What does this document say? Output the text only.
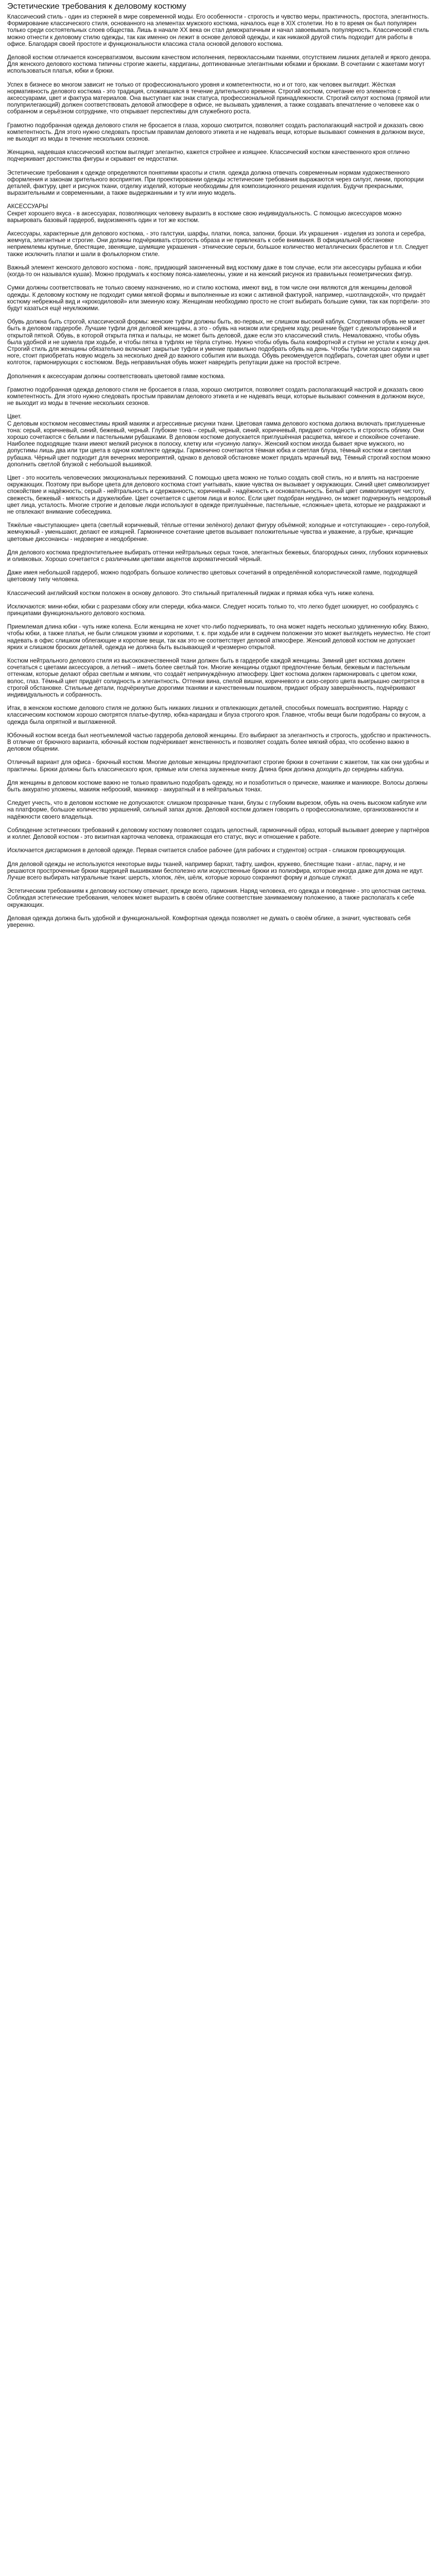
Эстетические требования к деловому костюму
Классический стиль - один из стержней в мире современной моды. Его особенности - строгость и чувство меры, практичность, простота, элегантность. Формирование классического стиля, основанного на элементах мужского костюма, началось еще в XIX столетии. Но в то время он был популярен только среди состоятельных слоев общества. Лишь в начале XX века он стал демократичным и начал завоевывать популярность. Классический стиль можно отнести к деловому стилю одежды, так как именно он лежит в основе деловой одежды, и как никакой другой стиль подходит для работы в офисе. Благодаря своей простоте и функциональности классика стала основой делового костюма.
Деловой костюм отличается консерватизмом, высоким качеством исполнения, первоклассными тканями, отсутствием лишних деталей и яркого декора. Для женского делового костюма типичны строгие жакеты, кардиганы, доптинованные элегантными юбками и брюками. В сочетании с жакетами могут использоваться платья, юбки и брюки.
Успех в бизнесе во многом зависит не только от профессионального уровня и компетентности, но и от того, как человек выглядит. Жёсткая нормативность делового костюма - это традиция, сложившаяся в течение длительного времени. Строгий костюм, сочетание его элементов с аксессуарами, цвет и фактура материалов. Она выступает как знак статуса, профессиональной принадлежности. Строгий силуэт костюма (прямой или полуприлегающий) должен соответствовать деловой атмосфере в офисе, не вызывать удивления, а также создавать впечатление о человеке как о собранном и серьёзном сотруднике, что открывает перспективы для служебного роста.
Грамотно подобранная одежда делового стиля не бросается в глаза, хорошо смотрится, позволяет создать располагающий настрой и доказать свою компетентность. Для этого нужно следовать простым правилам делового этикета и не надевать вещи, которые вызывают сомнения в должном вкусе, не выходит из моды в течение нескольких сезонов.
Женщина, надевшая классический костюм выглядит элегантно, кажется стройнее и изящнее. Классический костюм качественного кроя отлично подчеркивает достоинства фигуры и скрывает ее недостатки.
Эстетические требования к одежде определяются понятиями красоты и стиля. одежда должна отвечать современным нормам художественного оформления и законам зрительного восприятия. При проектировании одежды эстетические требования выражаются через силуэт, линии, пропорции деталей, фактуру, цвет и рисунок ткани, отделку изделий, которые необходимы для композиционного решения изделия. Будучи прекрасными, выразительными и современными, а также выдержанными и ту или иную модель.
АКСЕССУАРЫ
Секрет хорошего вкуса - в аксессуарах, позволяющих человеку выразить в костюме свою индивидуальность. С помощью аксессуаров можно варьировать базовый гардероб, видоизменять один и тот же костюм.
Аксессуары, характерные для делового костюма, - это галстуки, шарфы, платки, пояса, запонки, броши. Их украшения - изделия из золота и серебра, жемчуга, элегантные и строгие. Они должны подчёркивать строгость образа и не привлекать к себе внимания. В официальной обстановке неприемлемы крупные, блестящие, звенящие, шумящие украшения - этнические серьги, большое количество металлических браслетов и т.п. Следует также исключить платки и шали в фольклорном стиле.
Важный элемент женского делового костюма - пояс, придающий законченный вид костюму даже в том случае, если эти аксессуары рубашка и юбки (когда-то он назывался кушак). Можно продумать к костюму пояса-хамелеоны, узкие и на женский рисунок из правильных геометрических фигур.
Сумки должны соответствовать не только своему назначению, но и стилю костюма, имеют вид, в том числе они являются для женщины деловой одежды. К деловому костюму не подходит сумки мягкой формы и выполненные из кожи с активной фактурой, например, «шотландской», что придаёт костюму небрежный вид и «крокодиловой» или змеиную кожу. Женщинам необходимо просто не стоит выбирать большие сумки, так как портфели- это будут казаться ещё неуклюжими.
Обувь должна быть строгой, классической формы: женские туфли должны быть, во-первых, не слишком высокий каблук. Спортивная обувь не может быть в деловом гардеробе. Лучшие туфли для деловой женщины, а это - обувь на низком или среднем ходу, решение будет с декольтированной и открытой пяткой. Обувь, в которой открыта пятка и пальцы, не может быть деловой, даже если это классический стиль. Немаловажно, чтобы обувь была удобной и не шумела при ходьбе, и чтобы пятка в туфлях не тёрла ступню. Нужно чтобы обувь была комфортной и ступни не устали к концу дня. Строгий стиль для женщины обязательно включает закрытые туфли и умение правильно подобрать обувь на день. Чтобы туфли хорошо сидели на ноге, стоит приобретать новую модель за несколько дней до важного события или выхода. Обувь рекомендуется подбирать, сочетая цвет обуви и цвет колготок, гармонирующих с костюмом. Ведь неправильная обувь может навредить репутации даже на простой встрече.
Дополнения к аксессуарам должны соответствовать цветовой гамме костюма.
Грамотно подобранная одежда делового стиля не бросается в глаза, хорошо смотрится, позволяет создать располагающий настрой и доказать свою компетентность. Для этого нужно следовать простым правилам делового этикета и не надевать вещи, которые вызывают сомнения в должном вкусе, не выходит из моды в течение нескольких сезонов.
Цвет.
С деловым костюмом несовместимы яркий макияж и агрессивные рисунки ткани. Цветовая гамма делового костюма должна включать приглушенные тона: серый, коричневый, синий, бежевый, черный. Глубокие тона – серый, черный, синий, коричневый, придают солидность и строгость облику. Они хорошо сочетаются с белыми и пастельными рубашками. В деловом костюме допускается приглушённая расцветка, мягкое и спокойное сочетание. Наиболее подходящие ткани имеют мелкий рисунок в полоску, клетку или «гусиную лапку». Женский костюм иногда бывает ярче мужского, но допустимы лишь два или три цвета в одном комплекте одежды. Гармонично сочетаются тёмная юбка и светлая блуза, тёмный костюм и светлая рубашка. Чёрный цвет подходит для вечерних мероприятий, однако в деловой обстановке может придать мрачный вид. Тёмный строгий костюм можно дополнить светлой блузкой с небольшой вышивкой.
Цвет - это носитель человеческих эмоциональных переживаний. С помощью цвета можно не только создать свой стиль, но и влиять на настроение окружающих. Поэтому при выборе цвета для делового костюма стоит учитывать, какие чувства он вызывает у окружающих. Синий цвет символизирует спокойствие и надёжность; серый - нейтральность и сдержанность; коричневый - надёжность и основательность. Белый цвет символизирует чистоту, свежесть, бежевый - мягкость и дружелюбие. Цвет сочетается с цветом лица и волос. Если цвет подобран неудачно, он может подчеркнуть нездоровый цвет лица, усталость. Многие строгие и деловые люди используют в одежде приглушённые, пастельные, «сложные» цвета, которые не раздражают и не отвлекают внимание собеседника.
Тяжёлые «выступающие» цвета (светлый коричневый, тёплые оттенки зелёного) делают фигуру объёмной; холодные и «отступающие» - серо-голубой, жемчужный - уменьшают, делают ее изящней. Гармоничное сочетание цветов вызывает положительные чувства и уважение, а грубые, кричащие цветовые диссонансы - недоверие и неодобрение.
Для делового костюма предпочтительнее выбирать оттенки нейтральных серых тонов, элегантных бежевых, благородных синих, глубоких коричневых и оливковых. Хорошо сочетается с различными цветами акцентов ахроматический чёрный.
Даже имея небольшой гардероб, можно подобрать большое количество цветовых сочетаний в определённой колористической гамме, подходящей цветовому типу человека.
Классический английский костюм положен в основу делового. Это стильный приталенный пиджак и прямая юбка чуть ниже колена.
Исключаются: мини-юбки, юбки с разрезами сбоку или спереди, юбка-макси. Следует носить только то, что легко будет шокирует, но сообразуясь с принципами функционального делового костюма.
Приемлемая длина юбки - чуть ниже колена. Если женщина не хочет что-либо подчеркивать, то она может надеть несколько удлиненную юбку. Важно, чтобы юбки, а также платья, не были слишком узкими и короткими, т. к. при ходьбе или в сидячем положении это может выглядеть неуместно. Не стоит надевать в офис слишком облегающие и короткие вещи, так как это не соответствует деловой атмосфере. Женский деловой костюм не допускает ярких и слишком броских деталей, одежда не должна быть вызывающей и чрезмерно открытой.
Костюм нейтрального делового стиля из высококачественной ткани должен быть в гардеробе каждой женщины. Зимний цвет костюма должен сочетаться с цветами аксессуаров, а летний – иметь более светлый тон. Многие женщины отдают предпочтение белым, бежевым и пастельным оттенкам, которые делают образ светлым и мягким, что создаёт непринуждённую атмосферу. Цвет костюма должен гармонировать с цветом кожи, волос, глаз. Тёмный цвет придаёт солидность и элегантность. Оттенки вина, спелой вишни, коричневого и сизо-серого цвета выигрышно смотрятся в строгой обстановке. Стильные детали, подчёркнутые дорогими тканями и качественным пошивом, придают образу завершённость, подчёркивают индивидуальность и собранность.
Итак, в женском костюме делового стиля не должно быть никаких лишних и отвлекающих деталей, способных помешать восприятию. Наряду с классическим костюмом хорошо смотрятся платье-футляр, юбка-карандаш и блуза строгого кроя. Главное, чтобы вещи были подобраны со вкусом, а одежда была опрятной и выглаженной.
Юбочный костюм всегда был неотъемлемой частью гардероба деловой женщины. Его выбирают за элегантность и строгость, удобство и практичность. В отличие от брючного варианта, юбочный костюм подчёркивает женственность и позволяет создать более мягкий образ, что особенно важно в деловом общении.
Отличный вариант для офиса - брючный костюм. Многие деловые женщины предпочитают строгие брюки в сочетании с жакетом, так как они удобны и практичны. Брюки должны быть классического кроя, прямые или слегка зауженные книзу. Длина брюк должна доходить до середины каблука.
Для женщины в деловом костюме важно не только правильно подобрать одежду, но и позаботиться о прическе, макияже и маникюре. Волосы должны быть аккуратно уложены, макияж неброский, маникюр - аккуратный и в нейтральных тонах.
Следует учесть, что в деловом костюме не допускаются: слишком прозрачные ткани, блузы с глубоким вырезом, обувь на очень высоком каблуке или на платформе, большое количество украшений, сильный запах духов. Деловой костюм должен говорить о профессионализме, организованности и надёжности своего владельца.
Соблюдение эстетических требований к деловому костюму позволяет создать целостный, гармоничный образ, который вызывает доверие у партнёров и коллег. Деловой костюм - это визитная карточка человека, отражающая его статус, вкус и отношение к работе.
Исключается дисгармония в деловой одежде. Первая считается слабое рабочее (для рабочих и студентов) острая - слишком провоцирующая.
Для деловой одежды не используются некоторые виды тканей, например бархат, тафту, шифон, кружево, блестящие ткани - атлас, парчу, и не решаются простроченные брюки ящерицей вышивками бесполезно или искусственные брюки из полиэфира, которые иногда даже для дома не идут. Лучше всего выбирать натуральные ткани: шерсть, хлопок, лён, шёлк, которые хорошо сохраняют форму и дольше служат.
Эстетическим требованиям к деловому костюму отвечает, прежде всего, гармония. Наряд человека, его одежда и поведение - это целостная система. Соблюдая эстетические требования, человек может выразить в своём облике соответствие занимаемому положению, а также располагать к себе окружающих.
Деловая одежда должна быть удобной и функциональной. Комфортная одежда позволяет не думать о своём облике, а значит, чувствовать себя уверенно.
